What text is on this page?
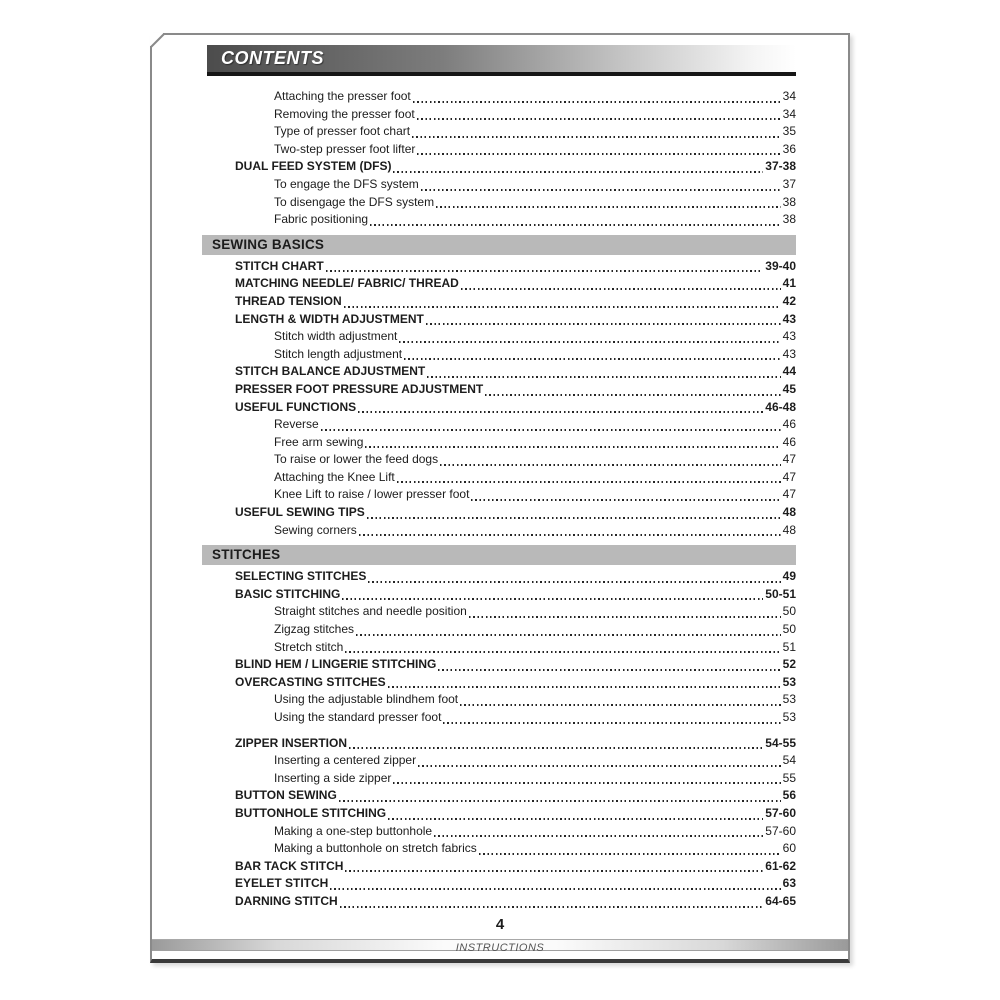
CONTENTS
Attaching the presser foot	34
Removing the presser foot	34
Type of presser foot chart	35
Two-step presser foot lifter	36
DUAL FEED SYSTEM (DFS)	37-38
To engage the DFS system	37
To disengage the DFS system	38
Fabric positioning	38
SEWING BASICS
STITCH CHART	39-40
MATCHING NEEDLE/ FABRIC/ THREAD	41
THREAD TENSION	42
LENGTH & WIDTH ADJUSTMENT	43
Stitch width adjustment	43
Stitch length adjustment	43
STITCH BALANCE ADJUSTMENT	44
PRESSER FOOT PRESSURE ADJUSTMENT	45
USEFUL FUNCTIONS	46-48
Reverse	46
Free arm sewing	46
To raise or lower the feed dogs	47
Attaching the Knee Lift	47
Knee Lift to raise / lower presser foot	47
USEFUL SEWING TIPS	48
Sewing corners	48
STITCHES
SELECTING STITCHES	49
BASIC STITCHING	50-51
Straight stitches and needle position	50
Zigzag stitches	50
Stretch stitch	51
BLIND HEM / LINGERIE STITCHING	52
OVERCASTING STITCHES	53
Using the adjustable blindhem foot	53
Using the standard presser foot	53
ZIPPER INSERTION	54-55
Inserting a centered zipper	54
Inserting a side zipper	55
BUTTON SEWING	56
BUTTONHOLE STITCHING	57-60
Making a one-step buttonhole	57-60
Making a buttonhole on stretch fabrics	60
BAR TACK STITCH	61-62
EYELET STITCH	63
DARNING STITCH	64-65
4
INSTRUCTIONS
